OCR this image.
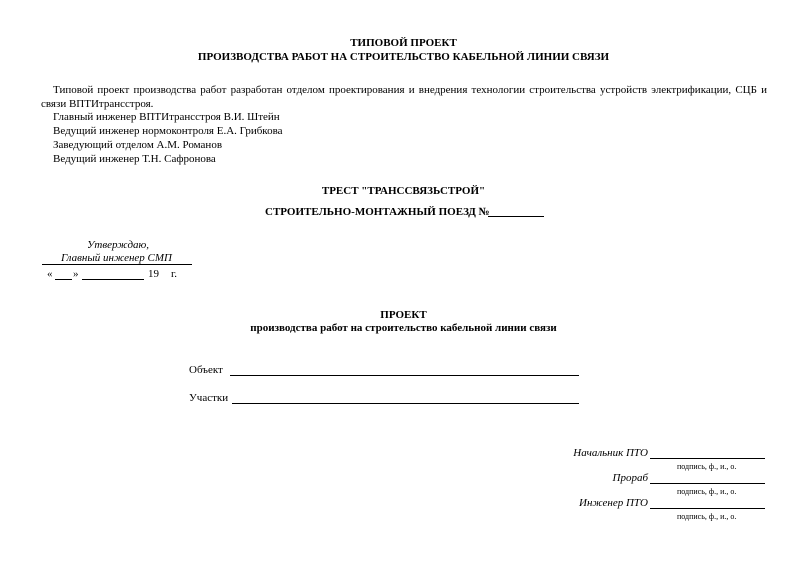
ТИПОВОЙ ПРОЕКТ
ПРОИЗВОДСТВА РАБОТ НА СТРОИТЕЛЬСТВО КАБЕЛЬНОЙ ЛИНИИ СВЯЗИ
Типовой проект производства работ разработан отделом проектирования и внедрения технологии строительства устройств электрификации, СЦБ и связи ВПТИтрансстроя.
Главный инженер ВПТИтрансстроя В.И. Штейн
Ведущий инженер нормоконтроля Е.А. Грибкова
Заведующий отделом А.М. Романов
Ведущий инженер Т.Н. Сафронова
ТРЕСТ "ТРАНССВЯЗЬСТРОЙ"
СТРОИТЕЛЬНО-МОНТАЖНЫЙ ПОЕЗД №
Утверждаю,
Главный инженер СМП
« »	19 г.
ПРОЕКТ
производства работ на строительство кабельной линии связи
Объект
Участки
Начальник ПТО
подпись, ф., и., о.
Прораб
подпись, ф., и., о.
Инженер ПТО
подпись, ф., и., о.
